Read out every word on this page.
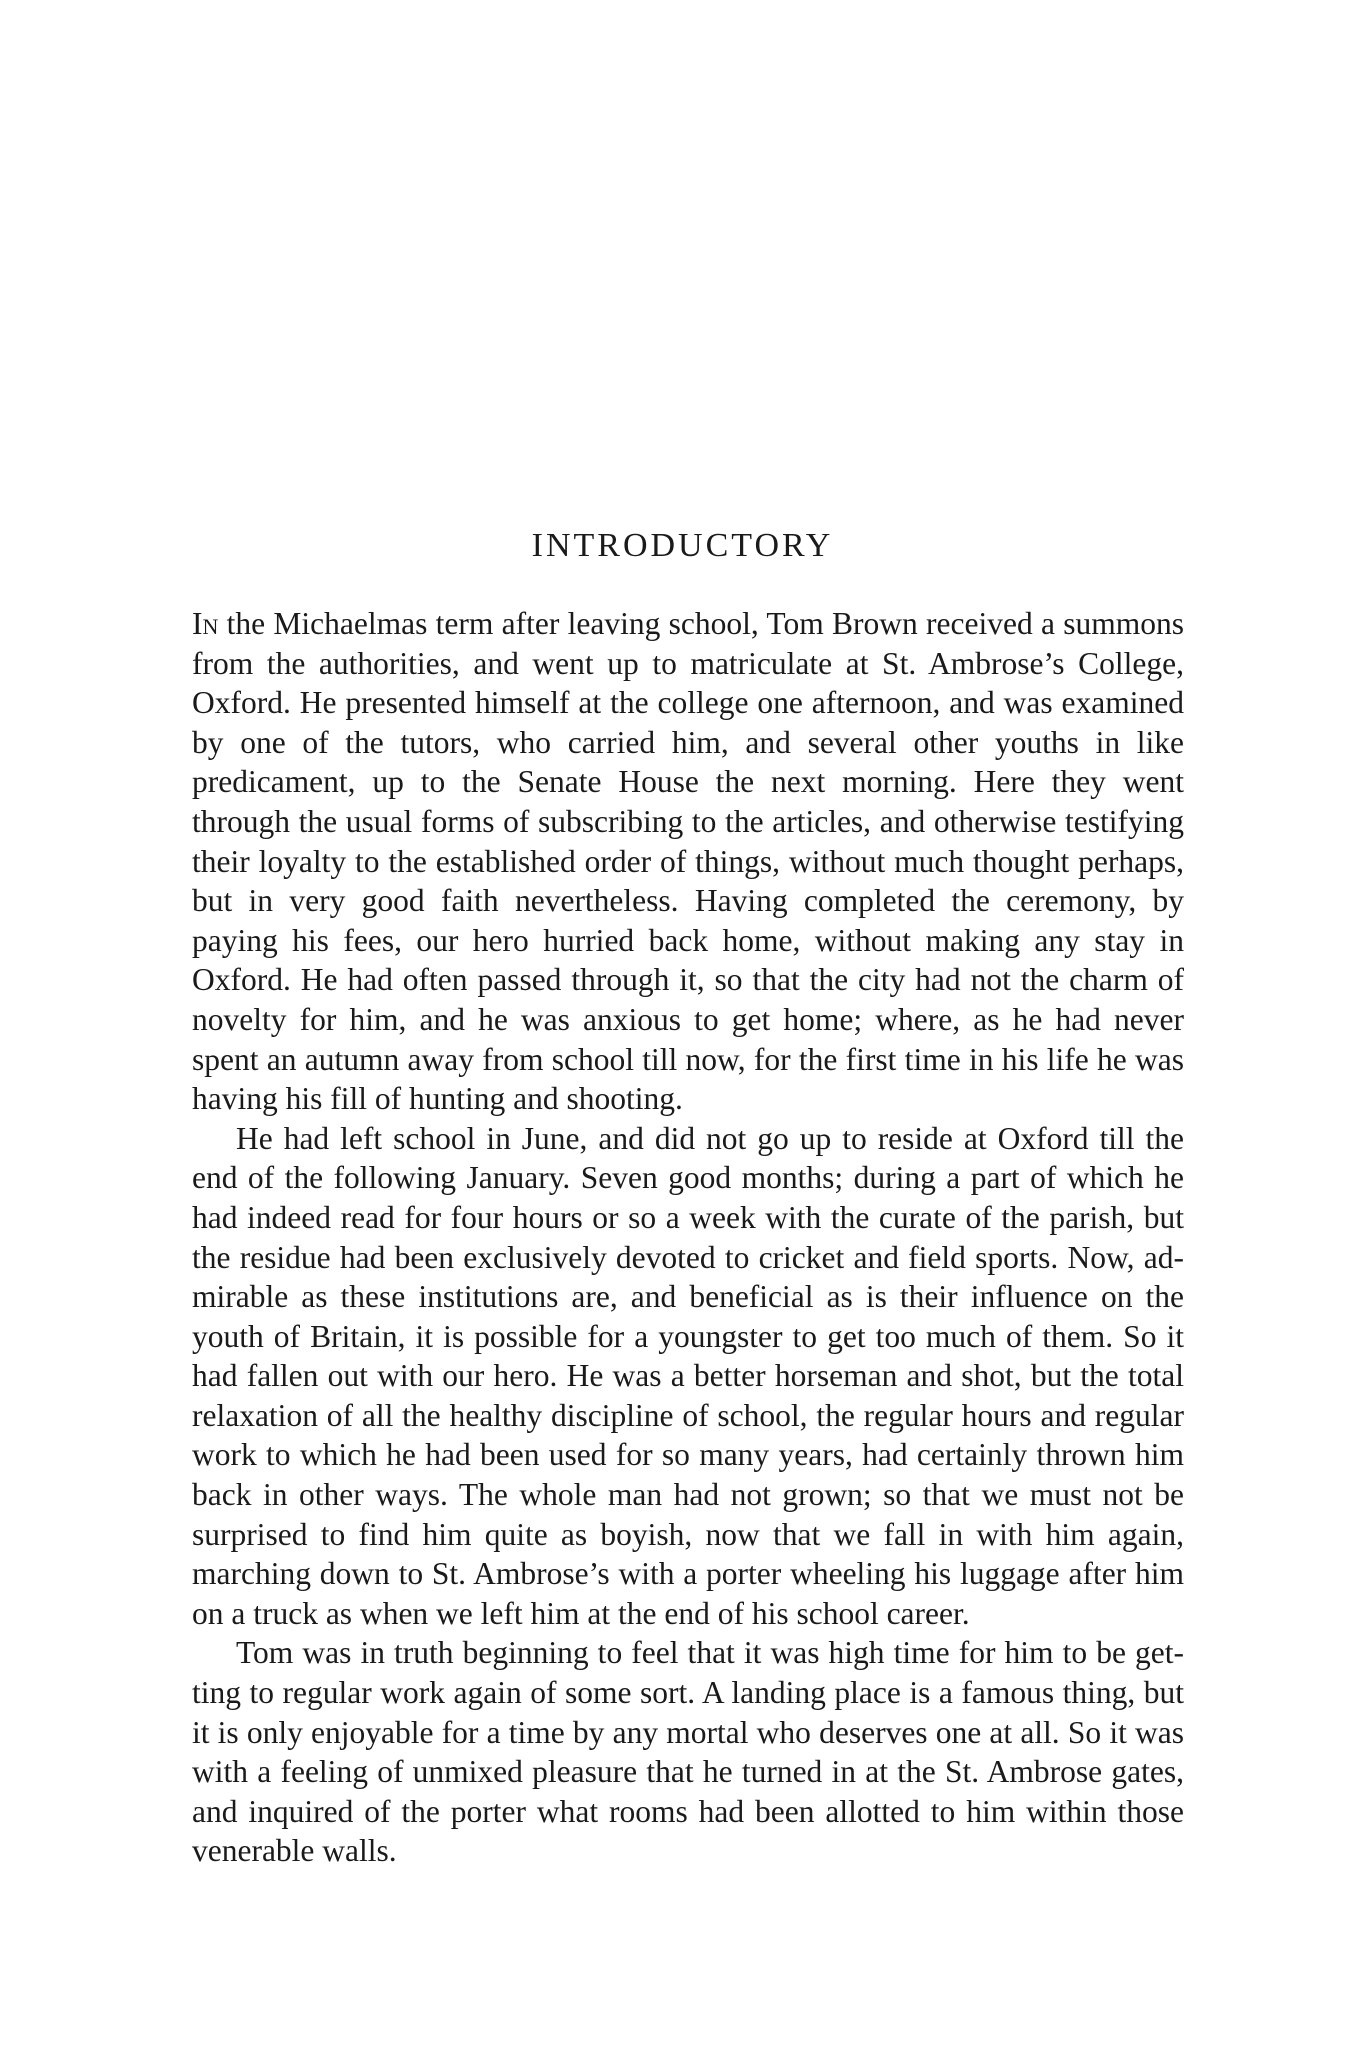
INTRODUCTORY

In the Michaelmas term after leaving school, Tom Brown received a summons from the authorities, and went up to matriculate at St. Ambrose’s College, Oxford. He presented himself at the college one afternoon, and was examined by one of the tutors, who carried him, and several other youths in like predicament, up to the Senate House the next morning. Here they went through the usual forms of subscribing to the articles, and otherwise testifying their loyalty to the established order of things, without much thought perhaps, but in very good faith nevertheless. Having completed the ceremony, by paying his fees, our hero hurried back home, without making any stay in Oxford. He had often passed through it, so that the city had not the charm of novelty for him, and he was anxious to get home; where, as he had never spent an autumn away from school till now, for the first time in his life he was having his fill of hunting and shooting.

He had left school in June, and did not go up to reside at Oxford till the end of the following January. Seven good months; during a part of which he had indeed read for four hours or so a week with the curate of the parish, but the residue had been exclusively devoted to cricket and field sports. Now, admirable as these institutions are, and beneficial as is their influence on the youth of Britain, it is possible for a youngster to get too much of them. So it had fallen out with our hero. He was a better horseman and shot, but the total relaxation of all the healthy discipline of school, the regular hours and regular work to which he had been used for so many years, had certainly thrown him back in other ways. The whole man had not grown; so that we must not be surprised to find him quite as boyish, now that we fall in with him again, marching down to St. Ambrose’s with a porter wheeling his luggage after him on a truck as when we left him at the end of his school career.

Tom was in truth beginning to feel that it was high time for him to be getting to regular work again of some sort. A landing place is a famous thing, but it is only enjoyable for a time by any mortal who deserves one at all. So it was with a feeling of unmixed pleasure that he turned in at the St. Ambrose gates, and inquired of the porter what rooms had been allotted to him within those venerable walls.
